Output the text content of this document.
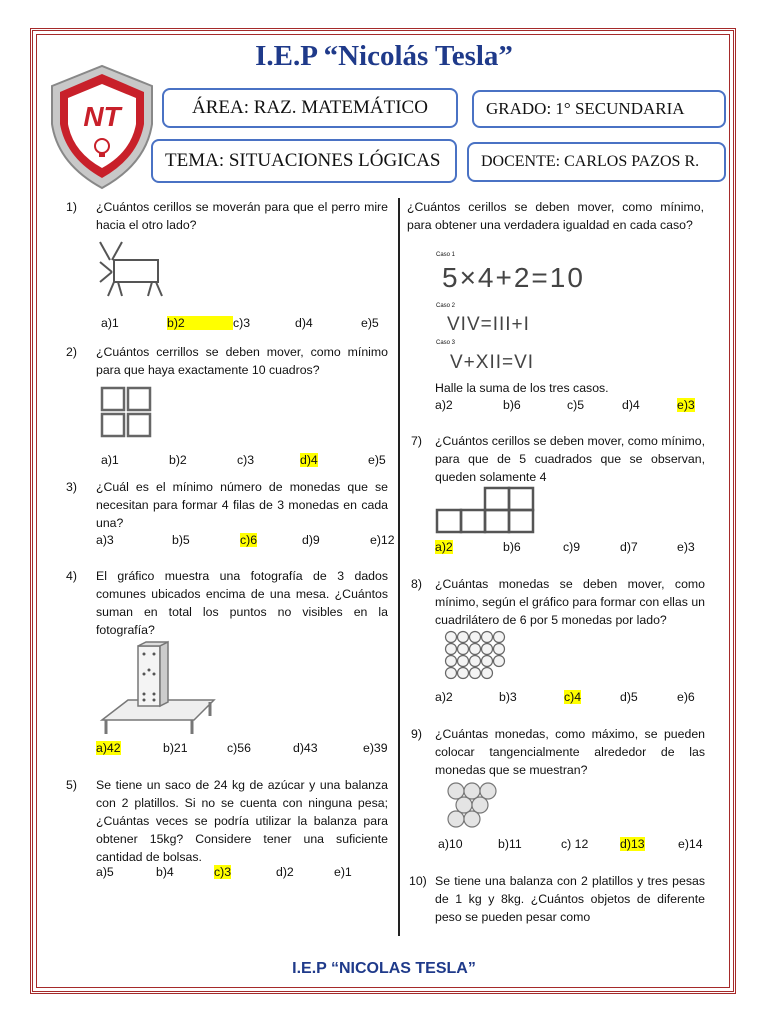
I.E.P “Nicolás Tesla”
NT	ÁREA: RAZ. MATEMÁTICO	GRADO: 1° SECUNDARIA
TEMA: SITUACIONES LÓGICAS	DOCENTE: CARLOS PAZOS R.
1) ¿Cuántos cerillos se moverán para que el perro mire hacia el otro lado?
a)1	b)2	c)3	d)4	e)5
2) ¿Cuántos cerrillos se deben mover, como mínimo para que haya exactamente 10 cuadros?
a)1	b)2	c)3	d)4	e)5
3) ¿Cuál es el mínimo número de monedas que se necesitan para formar 4 filas de 3 monedas en cada una?
a)3	b)5	c)6	d)9	e)12
4) El gráfico muestra una fotografía de 3 dados comunes ubicados encima de una mesa. ¿Cuántos suman en total los puntos no visibles en la fotografía?
a)42	b)21	c)56	d)43	e)39
5) Se tiene un saco de 24 kg de azúcar y una balanza con 2 platillos. Si no se cuenta con ninguna pesa; ¿Cuántas veces se podría utilizar la balanza para obtener 15kg? Considere tener una suficiente cantidad de bolsas.
a)5	b)4	c)3	d)2	e)1
¿Cuántos cerillos se deben mover, como mínimo, para obtener una verdadera igualdad en cada caso?
Caso 1
5×4+2=10
Caso 2
VIV=III+I
Caso 3
V+XII=VI
Halle la suma de los tres casos.
a)2	b)6	c)5	d)4	e)3
7) ¿Cuántos cerillos se deben mover, como mínimo, para que de 5 cuadrados que se observan, queden solamente 4
a)2	b)6	c)9	d)7	e)3
8) ¿Cuántas monedas se deben mover, como mínimo, según el gráfico para formar con ellas un cuadrilátero de 6 por 5 monedas por lado?
a)2	b)3	c)4	d)5	e)6
9) ¿Cuántas monedas, como máximo, se pueden colocar tangencialmente alrededor de las monedas que se muestran?
a)10	b)11	c) 12	d)13	e)14
10) Se tiene una balanza con 2 platillos y tres pesas de 1 kg y 8kg. ¿Cuántos objetos de diferente peso se pueden pesar como
I.E.P “NICOLAS TESLA”
